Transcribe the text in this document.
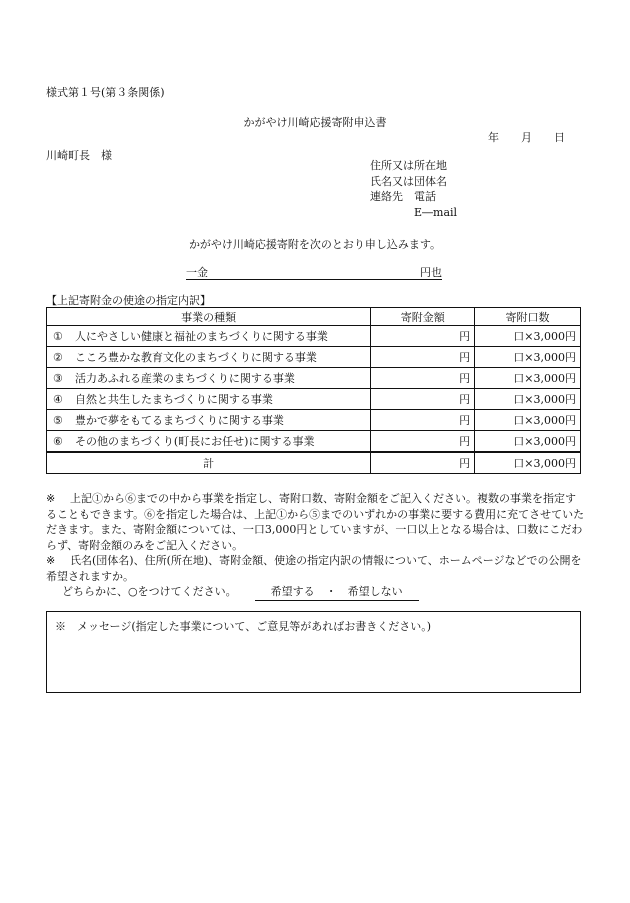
様式第１号(第３条関係)
かがやけ川崎応援寄附申込書
年 月 日
川崎町長　様
住所又は所在地
氏名又は団体名
連絡先　電話
E―mail
かがやけ川崎応援寄附を次のとおり申し込みます。
一金	円也
【上記寄附金の使途の指定内訳】
事業の種類	寄附金額	寄附口数
① 人にやさしい健康と福祉のまちづくりに関する事業	円	口×3,000円
② こころ豊かな教育文化のまちづくりに関する事業	円	口×3,000円
③ 活力あふれる産業のまちづくりに関する事業	円	口×3,000円
④ 自然と共生したまちづくりに関する事業	円	口×3,000円
⑤ 豊かで夢をもてるまちづくりに関する事業	円	口×3,000円
⑥ その他のまちづくり(町長にお任せ)に関する事業	円	口×3,000円
計	円	口×3,000円

※ 上記①から⑥までの中から事業を指定し、寄附口数、寄附金額をご記入ください。複数の事業を指定することもできます。⑥を指定した場合は、上記①から⑤までのいずれかの事業に要する費用に充てさせていただきます。また、寄附金額については、一口3,000円としていますが、一口以上となる場合は、口数にこだわらず、寄附金額のみをご記入ください。

※ 氏名(団体名)、住所(所在地)、寄附金額、使途の指定内訳の情報について、ホームページなどでの公開を希望されますか。

どちらかに、○をつけてください。	希望する　・　希望しない

※　メッセージ(指定した事業について、ご意見等があればお書きください。)
